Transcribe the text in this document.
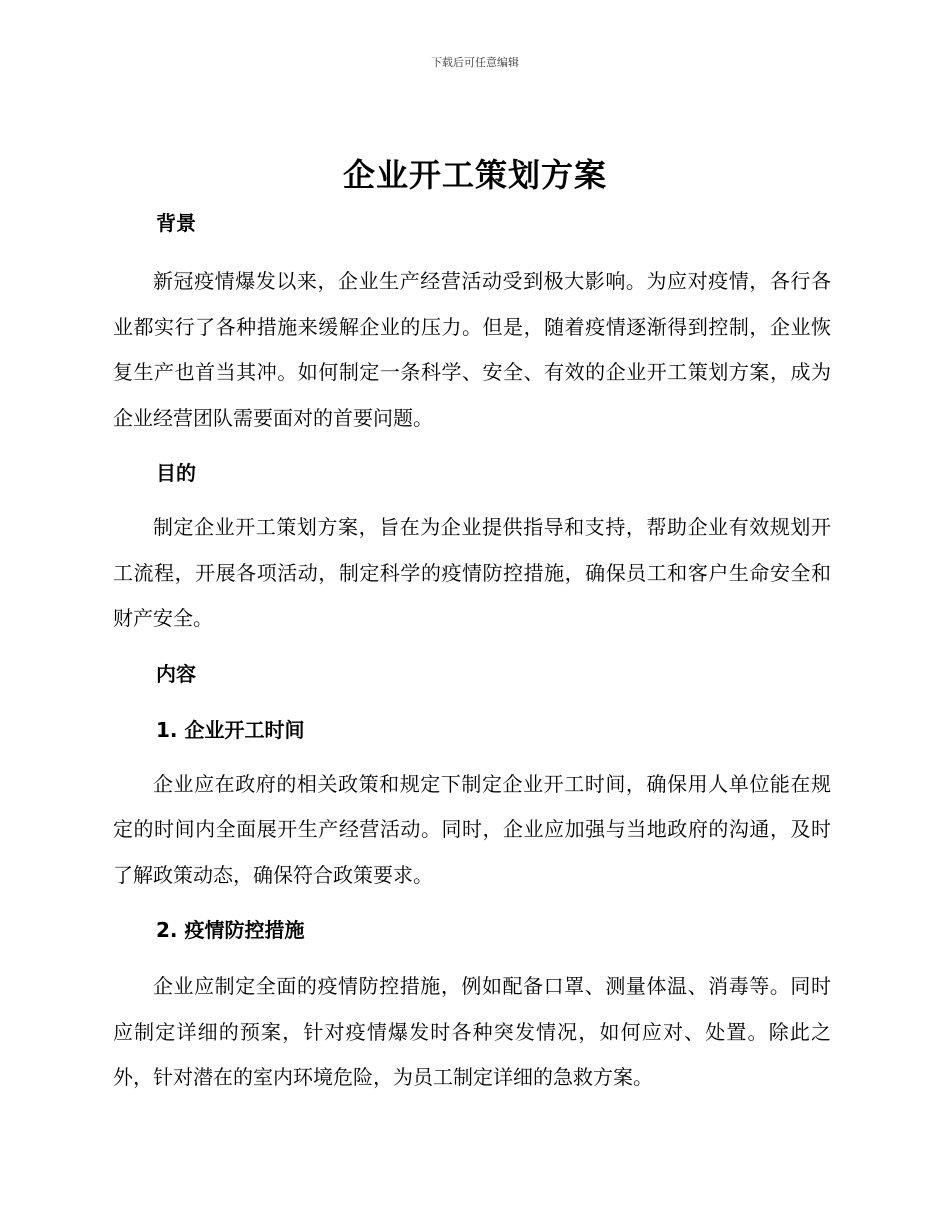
下载后可任意编辑
企业开工策划方案
背景

新冠疫情爆发以来，企业生产经营活动受到极大影响。为应对疫情，各行各业都实行了各种措施来缓解企业的压力。但是，随着疫情逐渐得到控制，企业恢复生产也首当其冲。如何制定一条科学、安全、有效的企业开工策划方案，成为企业经营团队需要面对的首要问题。

目的

制定企业开工策划方案，旨在为企业提供指导和支持，帮助企业有效规划开工流程，开展各项活动，制定科学的疫情防控措施，确保员工和客户生命安全和财产安全。

内容
1. 企业开工时间

企业应在政府的相关政策和规定下制定企业开工时间，确保用人单位能在规定的时间内全面展开生产经营活动。同时，企业应加强与当地政府的沟通，及时了解政策动态，确保符合政策要求。

2. 疫情防控措施

企业应制定全面的疫情防控措施，例如配备口罩、测量体温、消毒等。同时应制定详细的预案，针对疫情爆发时各种突发情况，如何应对、处置。除此之外，针对潜在的室内环境危险，为员工制定详细的急救方案。
